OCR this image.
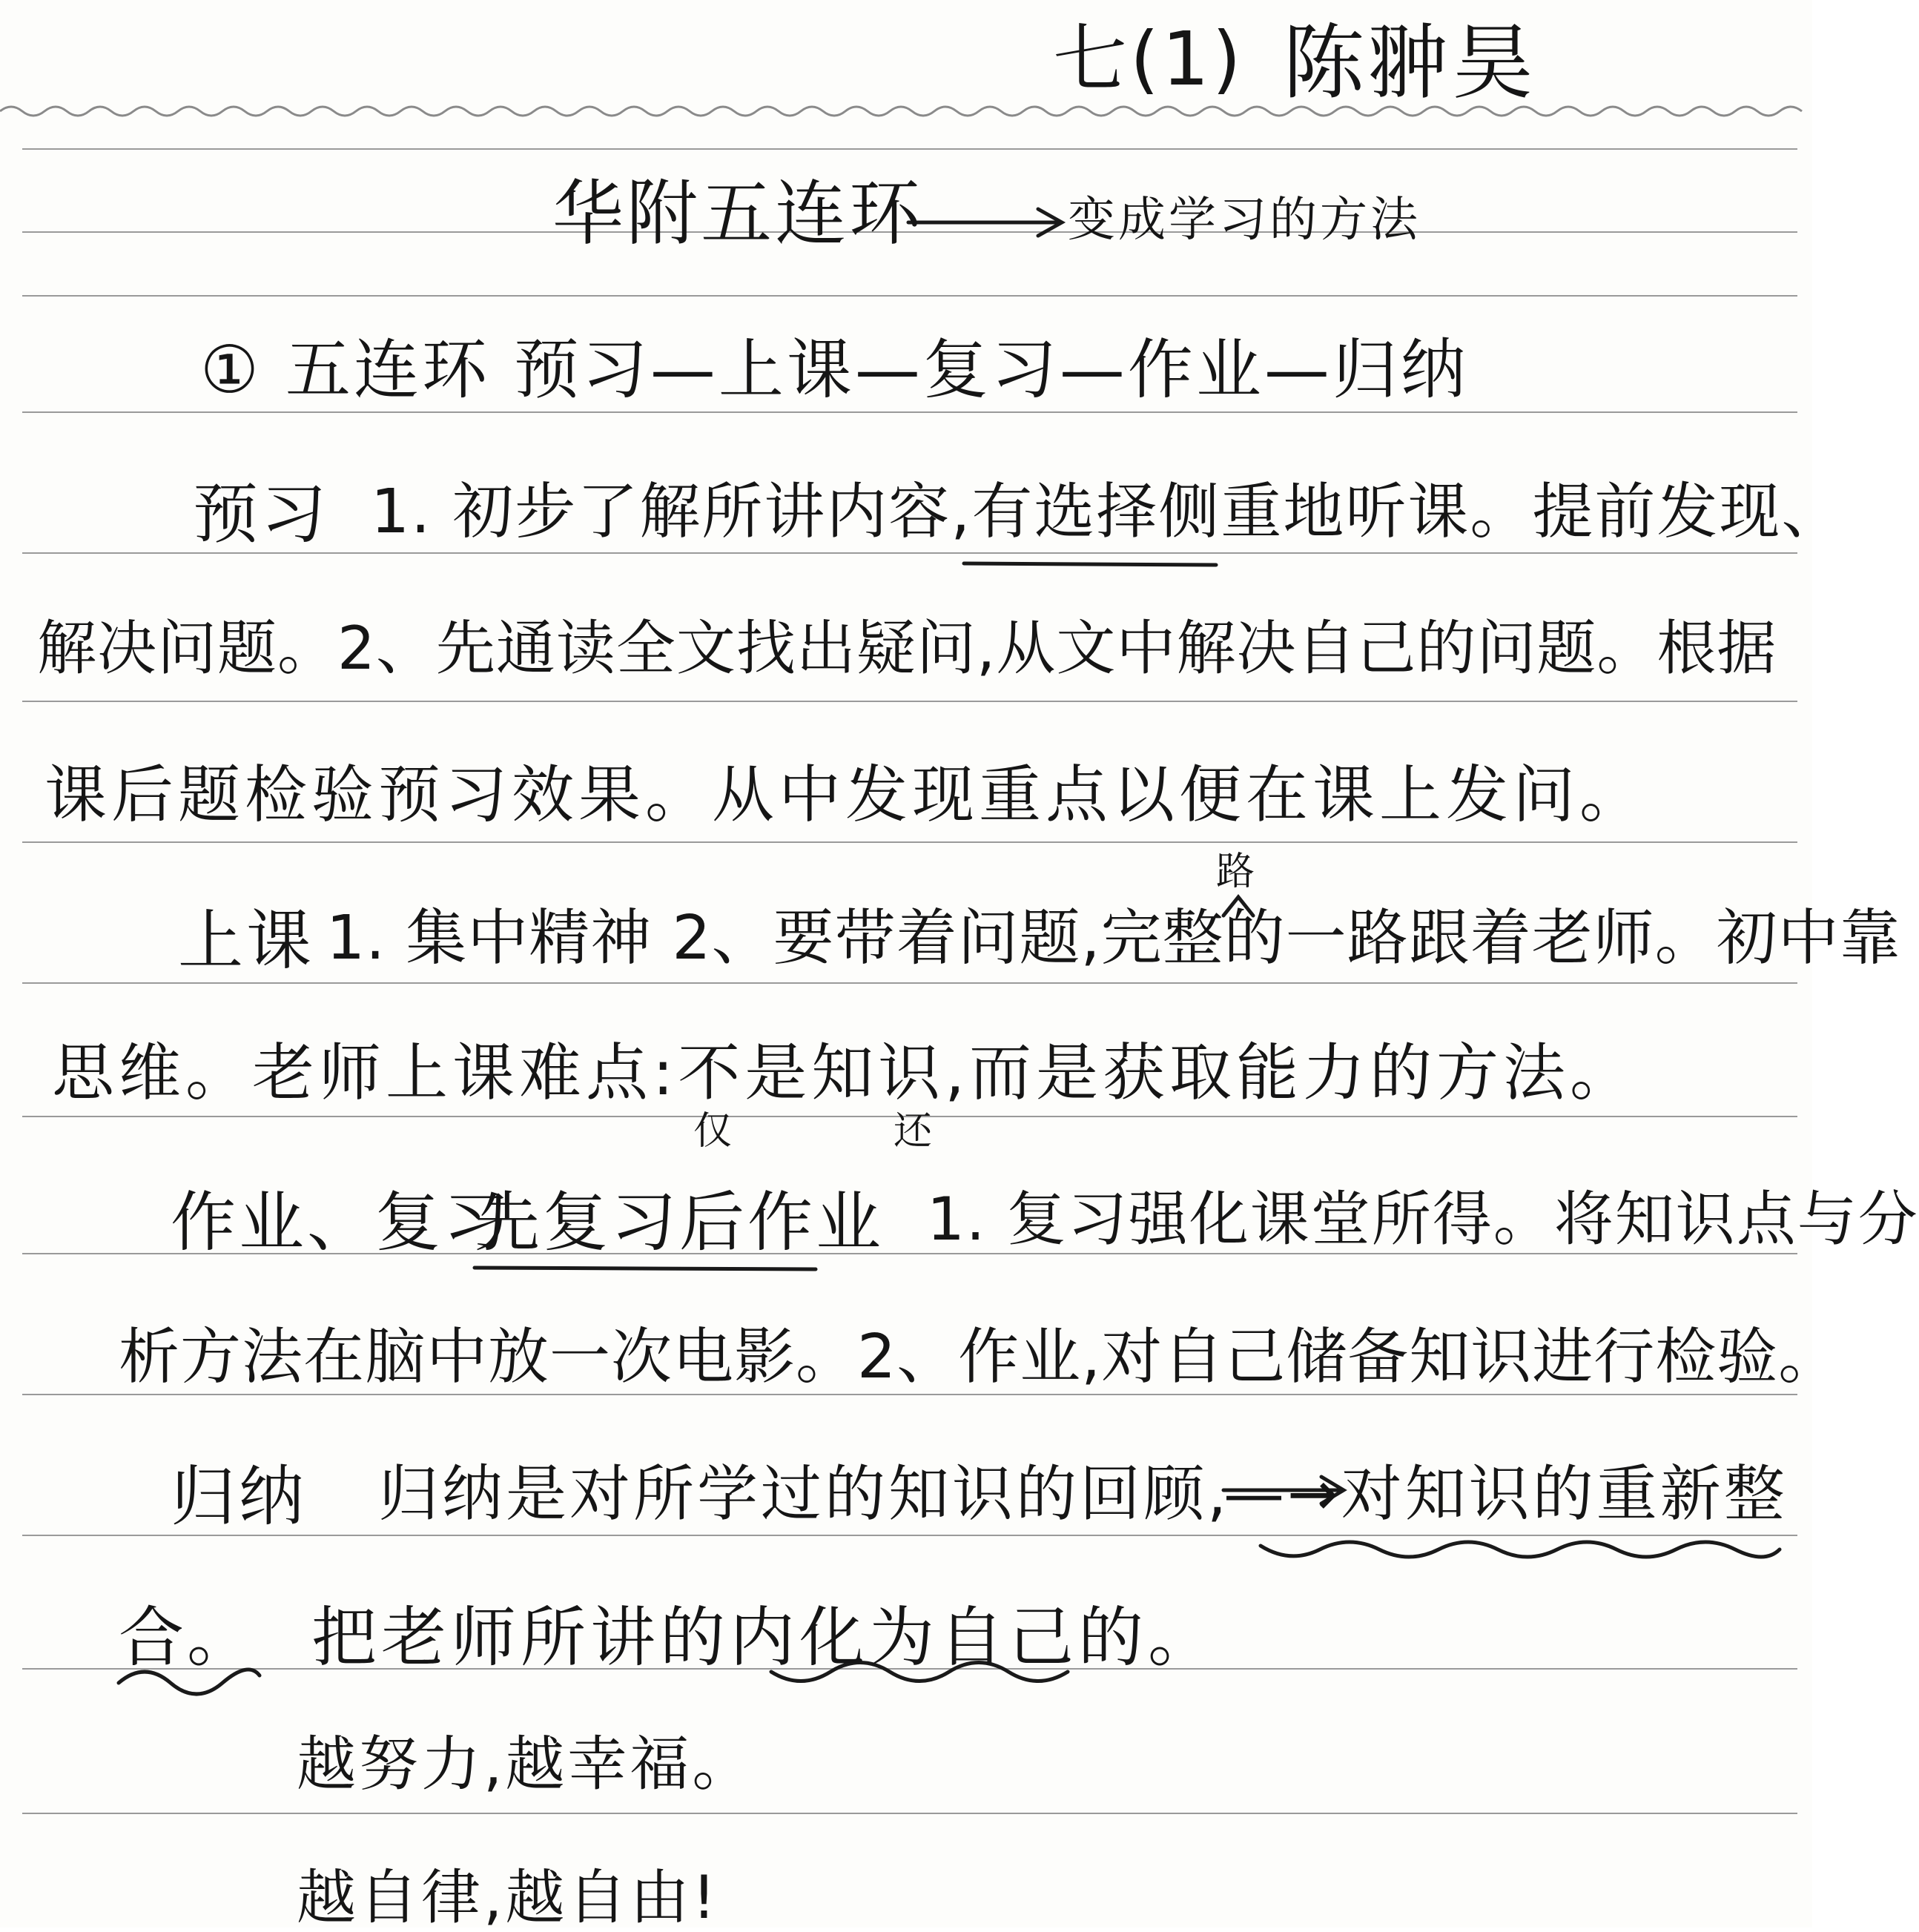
七(1) 陈翀昊
华附五连环	变成学习的方法
① 五连环 预习—上课—复习—作业—归纳
预习 1. 初步了解所讲内容,有选择侧重地听课。提前发现、
解决问题。2、先通读全文找出疑问,从文中解决自己的问题。根据
课后题检验预习效果。从中发现重点以便在课上发问。
路
上课 1. 集中精神 2、要带着问题,完整的一路跟着老师。初中靠
思维。老师上课难点:不是知识,而是获取能力的方法。
仅	还
作业、复习
先复习后作业 1. 复习强化课堂所得。将知识点与分
析方法在脑中放一次电影。2、作业,对自己储备知识进行检验。
归纳 归纳是对所学过的知识的回顾,
—→对知识的重新整
合。 把老师所讲的内化为自己的。
越努力,越幸福。
越自律,越自由!
